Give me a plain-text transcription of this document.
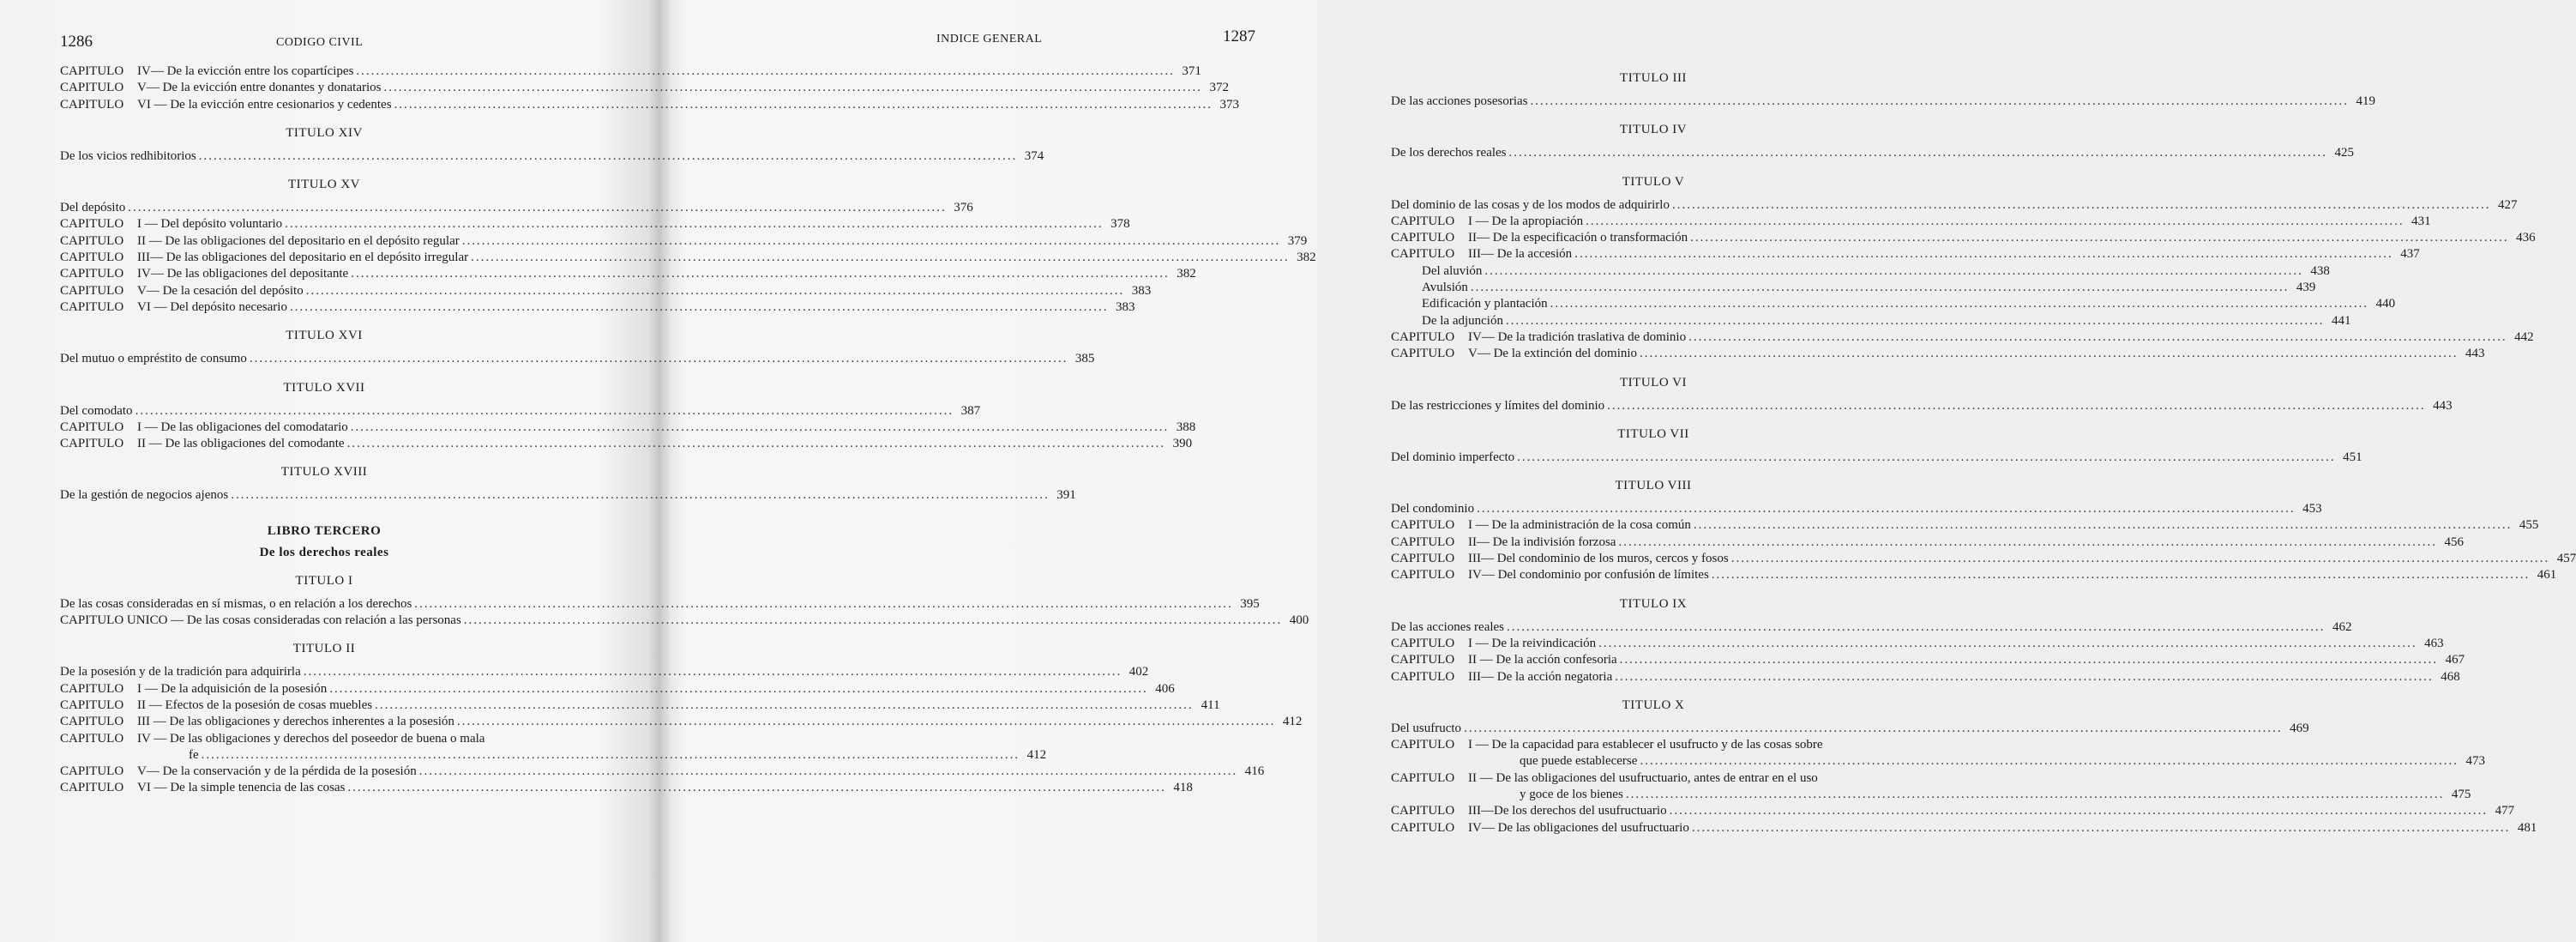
1286	CODIGO CIVIL
CAPITULO	IV— De la evicción entre los copartícipes .....	371
CAPITULO	V— De la evicción entre donantes y donatarios .....	372
CAPITULO	VI — De la evicción entre cesionarios y cedentes .....	373
TITULO XIV
De los vicios redhibitorios .....	374
TITULO XV
Del depósito .....	376
CAPITULO	I — Del depósito voluntario .....	378
CAPITULO	II — De las obligaciones del depositario en el depósito regular .....	379
CAPITULO	III— De las obligaciones del depositario en el depósito irregular .....	382
CAPITULO	IV— De las obligaciones del depositante .....	382
CAPITULO	V— De la cesación del depósito .....	383
CAPITULO	VI — Del depósito necesario .....	383
TITULO XVI
Del mutuo o empréstito de consumo .....	385
TITULO XVII
Del comodato .....	387
CAPITULO	I — De las obligaciones del comodatario .....	388
CAPITULO	II — De las obligaciones del comodante .....	390
TITULO XVIII
De la gestión de negocios ajenos .....	391
LIBRO TERCERO
De los derechos reales
TITULO I
De las cosas consideradas en sí mismas, o en relación a los derechos .....	395
CAPITULO UNICO — De las cosas consideradas con relación a las personas .....	400
TITULO II
De la posesión y de la tradición para adquirirla .....	402
CAPITULO	I — De la adquisición de la posesión .....	406
CAPITULO	II — Efectos de la posesión de cosas muebles .....	411
CAPITULO	III — De las obligaciones y derechos inherentes a la posesión .....	412
CAPITULO	IV — De las obligaciones y derechos del poseedor de buena o mala
fe .....	412
CAPITULO	V— De la conservación y de la pérdida de la posesión .....	416
CAPITULO	VI — De la simple tenencia de las cosas .....	418
INDICE GENERAL	1287
TITULO III
De las acciones posesorias .....	419
TITULO IV
De los derechos reales .....	425
TITULO V
Del dominio de las cosas y de los modos de adquirirlo .....	427
CAPITULO	I — De la apropiación .....	431
CAPITULO	II— De la especificación o transformación .....	436
CAPITULO	III— De la accesión .....	437
Del aluvión .....	438
Avulsión .....	439
Edificación y plantación .....	440
De la adjunción .....	441
CAPITULO	IV— De la tradición traslativa de dominio .....	442
CAPITULO	V— De la extinción del dominio .....	443
TITULO VI
De las restricciones y límites del dominio .....	443
TITULO VII
Del dominio imperfecto .....	451
TITULO VIII
Del condominio .....	453
CAPITULO	I — De la administración de la cosa común .....	455
CAPITULO	II— De la indivisión forzosa .....	456
CAPITULO	III— Del condominio de los muros, cercos y fosos .....	457
CAPITULO	IV— Del condominio por confusión de límites .....	461
TITULO IX
De las acciones reales .....	462
CAPITULO	I — De la reivindicación .....	463
CAPITULO	II — De la acción confesoria .....	467
CAPITULO	III— De la acción negatoria .....	468
TITULO X
Del usufructo .....	469
CAPITULO	I — De la capacidad para establecer el usufructo y de las cosas sobre
que puede establecerse .....	473
CAPITULO	II — De las obligaciones del usufructuario, antes de entrar en el uso
y goce de los bienes .....	475
CAPITULO	III—De los derechos del usufructuario .....	477
CAPITULO	IV— De las obligaciones del usufructuario .....	481
